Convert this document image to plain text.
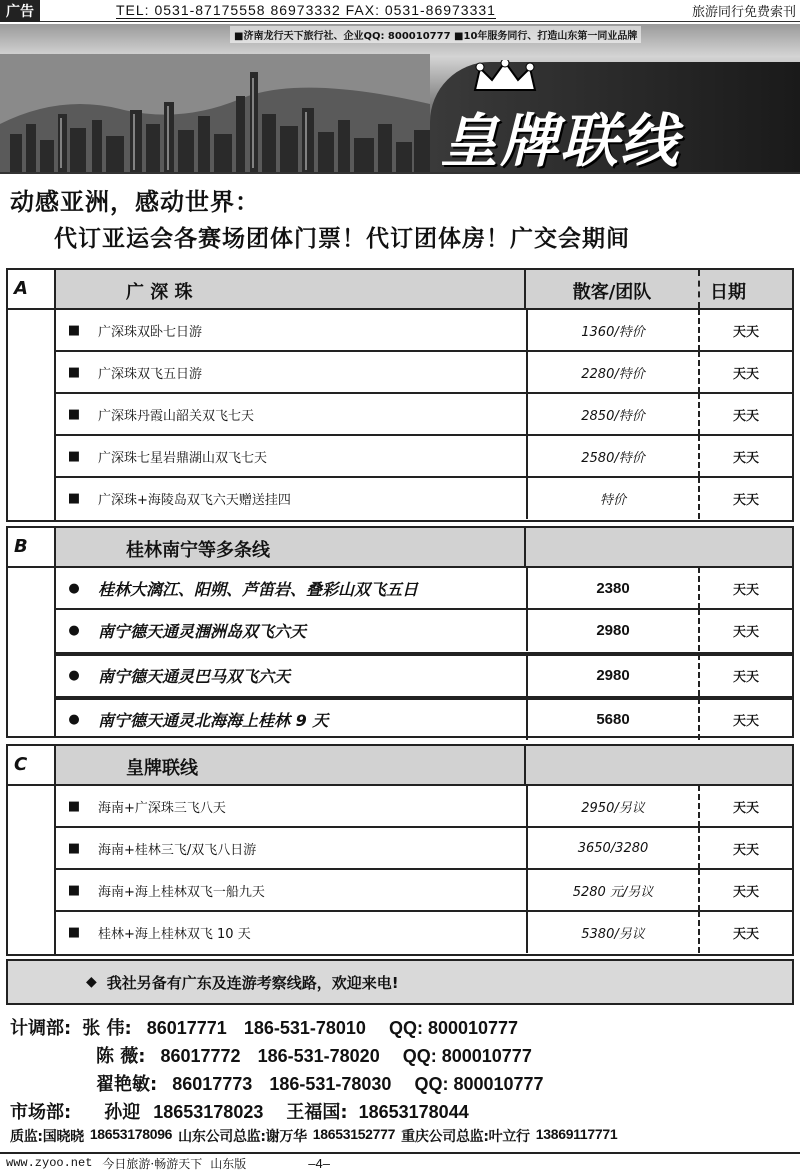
广告	TEL: 0531-87175558 86973332 FAX: 0531-86973331	旅游同行免费索刊
■济南龙行天下旅行社、企业QQ: 800010777 ■10年服务同行、打造山东第一同业品牌
皇牌联线
动感亚洲，感动世界：
代订亚运会各赛场团体门票！代订团体房！广交会期间
A	广 深 珠	散客/团队	日期
■	广深珠双卧七日游	1360/特价	天天
■	广深珠双飞五日游	2280/特价	天天
■	广深珠丹霞山韶关双飞七天	2850/特价	天天
■	广深珠七星岩鼎湖山双飞七天	2580/特价	天天
■	广深珠+海陵岛双飞六天赠送挂四	特价	天天
B	桂林南宁等多条线
●	桂林大漓江、阳朔、芦笛岩、叠彩山双飞五日	2380	天天
●	南宁德天通灵涠洲岛双飞六天	2980	天天
●	南宁德天通灵巴马双飞六天	2980	天天
●	南宁德天通灵北海海上桂林 9 天	5680	天天
C	皇牌联线
■	海南+广深珠三飞八天	2950/另议	天天
■	海南+桂林三飞/双飞八日游	3650/3280	天天
■	海南+海上桂林双飞一船九天	5280 元/另议	天天
■	桂林+海上桂林双飞 10 天	5380/另议	天天
◆ 我社另备有广东及连游考察线路，欢迎来电!
计调部: 张 伟: 86017771 186-531-78010 QQ: 800010777
陈 薇: 86017772 186-531-78020 QQ: 800010777
翟艳敏: 86017773 186-531-78030 QQ: 800010777
市场部: 孙迎 18653178023 王福国: 18653178044
质监:国晓晓 18653178096 山东公司总监:谢万华 18653152777 重庆公司总监:叶立行 13869117771
www.zyoo.net 今日旅游·畅游天下 山东版	–4–
